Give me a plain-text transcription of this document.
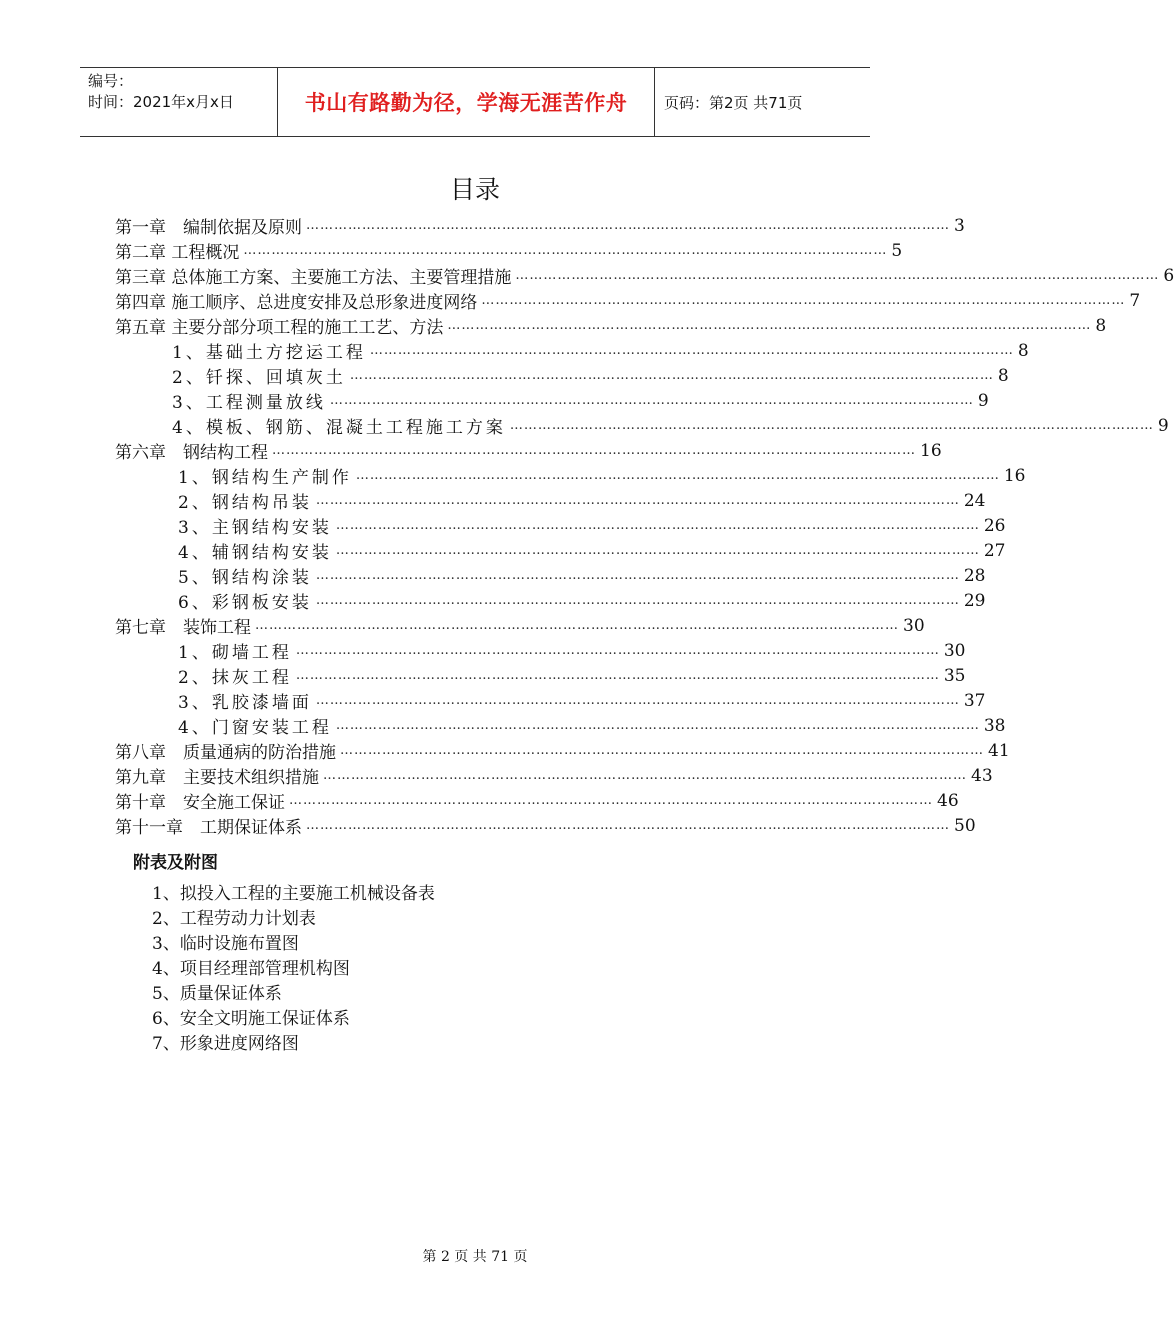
编号：
时间：2021年x月x日	书山有路勤为径，学海无涯苦作舟	页码：第2页 共71页
目录
第一章　编制依据及原则 ………………………………………………………………………………………………………………………… 3
第二章 工程概况 ………………………………………………………………………………………………………………………… 5
第三章 总体施工方案、主要施工方法、主要管理措施 ………………………………………………………………………………………………………………………… 6
第四章 施工顺序、总进度安排及总形象进度网络 ………………………………………………………………………………………………………………………… 7
第五章 主要分部分项工程的施工工艺、方法 ………………………………………………………………………………………………………………………… 8
1、基础土方挖运工程 ………………………………………………………………………………………………………………………… 8
2、钎探、回填灰土 ………………………………………………………………………………………………………………………… 8
3、工程测量放线 ………………………………………………………………………………………………………………………… 9
4、模板、钢筋、混凝土工程施工方案 ………………………………………………………………………………………………………………………… 9
第六章　钢结构工程 ………………………………………………………………………………………………………………………… 16
1、钢结构生产制作 ………………………………………………………………………………………………………………………… 16
2、钢结构吊装 ………………………………………………………………………………………………………………………… 24
3、主钢结构安装 ………………………………………………………………………………………………………………………… 26
4、辅钢结构安装 ………………………………………………………………………………………………………………………… 27
5、钢结构涂装 ………………………………………………………………………………………………………………………… 28
6、彩钢板安装 ………………………………………………………………………………………………………………………… 29
第七章　装饰工程 ………………………………………………………………………………………………………………………… 30
1、砌墙工程 ………………………………………………………………………………………………………………………… 30
2、抹灰工程 ………………………………………………………………………………………………………………………… 35
3、乳胶漆墙面 ………………………………………………………………………………………………………………………… 37
4、门窗安装工程 ………………………………………………………………………………………………………………………… 38
第八章　质量通病的防治措施 ………………………………………………………………………………………………………………………… 41
第九章　主要技术组织措施 ………………………………………………………………………………………………………………………… 43
第十章　安全施工保证 ………………………………………………………………………………………………………………………… 46
第十一章　工期保证体系 ………………………………………………………………………………………………………………………… 50
附表及附图
1、拟投入工程的主要施工机械设备表
2、工程劳动力计划表
3、临时设施布置图
4、项目经理部管理机构图
5、质量保证体系
6、安全文明施工保证体系
7、形象进度网络图
第 2 页 共 71 页
